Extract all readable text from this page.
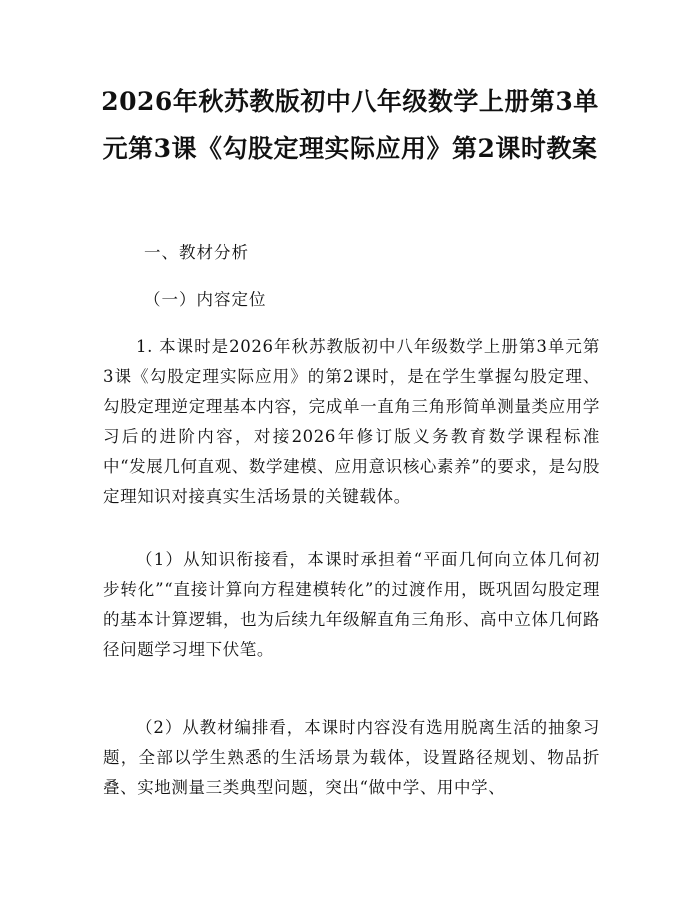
2026年秋苏教版初中八年级数学上册第3单元第3课《勾股定理实际应用》第2课时教案
一、教材分析
（一）内容定位
1. 本课时是2026年秋苏教版初中八年级数学上册第3单元第3课《勾股定理实际应用》的第2课时，是在学生掌握勾股定理、勾股定理逆定理基本内容，完成单一直角三角形简单测量类应用学习后的进阶内容，对接2026年修订版义务教育数学课程标准中“发展几何直观、数学建模、应用意识核心素养”的要求，是勾股定理知识对接真实生活场景的关键载体。
（1）从知识衔接看，本课时承担着“平面几何向立体几何初步转化”“直接计算向方程建模转化”的过渡作用，既巩固勾股定理的基本计算逻辑，也为后续九年级解直角三角形、高中立体几何路径问题学习埋下伏笔。
（2）从教材编排看，本课时内容没有选用脱离生活的抽象习题，全部以学生熟悉的生活场景为载体，设置路径规划、物品折叠、实地测量三类典型问题，突出“做中学、用中学、
